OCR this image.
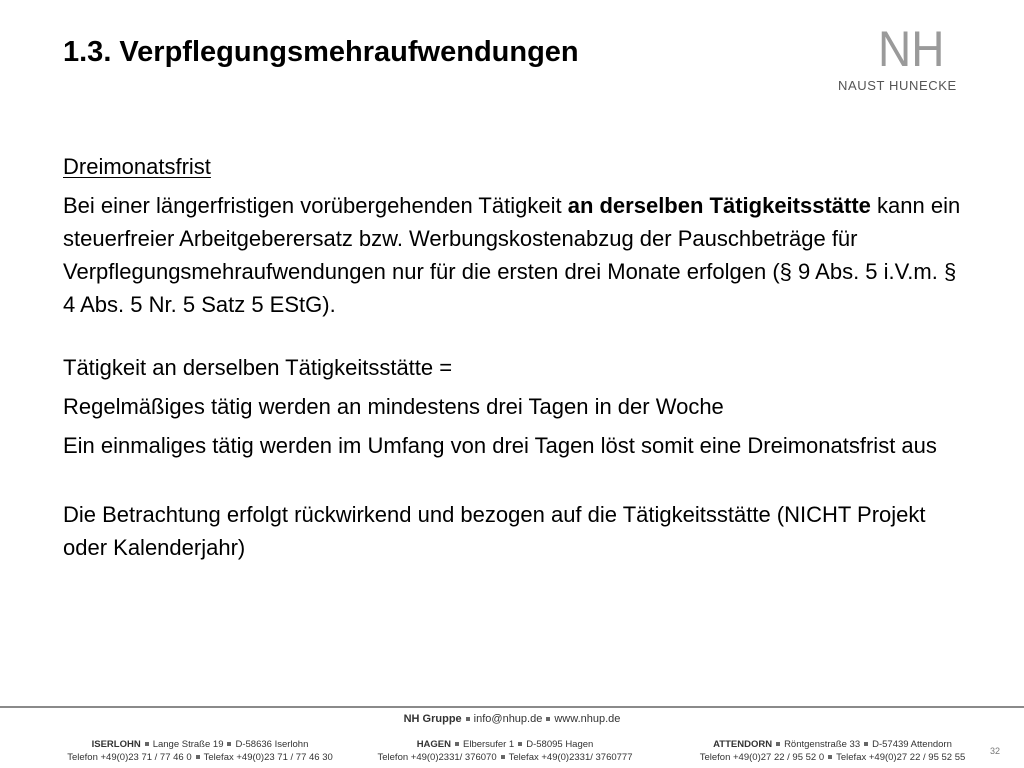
1.3. Verpflegungsmehraufwendungen	NH
NAUST HUNECKE

Dreimonatsfrist

Bei einer längerfristigen vorübergehenden Tätigkeit an derselben Tätigkeitsstätte kann ein steuerfreier Arbeitgeberersatz bzw. Werbungskostenabzug der Pauschbeträge für Verpflegungsmehraufwendungen nur für die ersten drei Monate erfolgen (§ 9 Abs. 5 i.V.m. § 4 Abs. 5 Nr. 5 Satz 5 EStG).

Tätigkeit an derselben Tätigkeitsstätte =

Regelmäßiges tätig werden an mindestens drei Tagen in der Woche

Ein einmaliges tätig werden im Umfang von drei Tagen löst somit eine Dreimonatsfrist aus

Die Betrachtung erfolgt rückwirkend und bezogen auf die Tätigkeitsstätte (NICHT Projekt oder Kalenderjahr)

NH Gruppe info@nhup.de www.nhup.de
ISERLOHN Lange Straße 19 D-58636 Iserlohn
Telefon +49(0)23 71 / 77 46 0 Telefax +49(0)23 71 / 77 46 30
HAGEN Elbersufer 1 D-58095 Hagen
Telefon +49(0)2331/ 376070 Telefax +49(0)2331/ 3760777
ATTENDORN Röntgenstraße 33 D-57439 Attendorn
Telefon +49(0)27 22 / 95 52 0 Telefax +49(0)27 22 / 95 52 55
32
